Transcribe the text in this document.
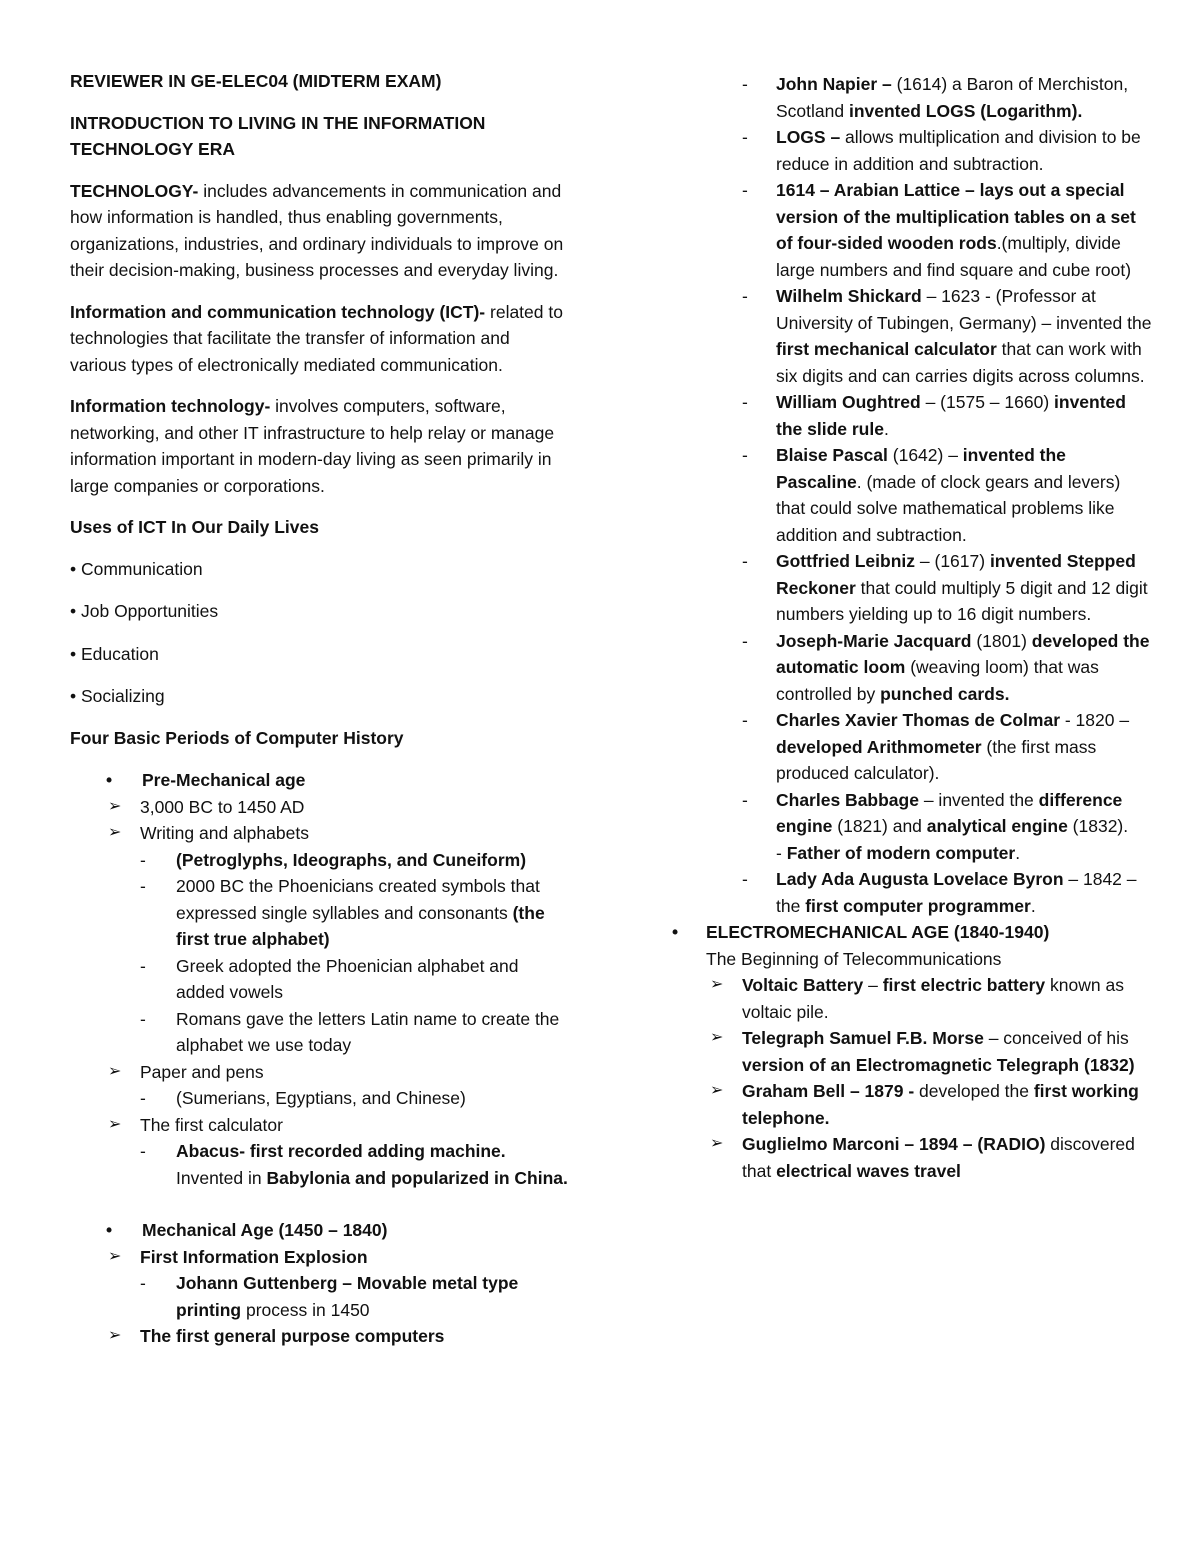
REVIEWER IN GE-ELEC04 (MIDTERM EXAM)
INTRODUCTION TO LIVING IN THE INFORMATION
TECHNOLOGY ERA

TECHNOLOGY- includes advancements in communication and how information is handled, thus enabling governments, organizations, industries, and ordinary individuals to improve on their decision-making, business processes and everyday living.

Information and communication technology (ICT)- related to technologies that facilitate the transfer of information and various types of electronically mediated communication.

Information technology- involves computers, software, networking, and other IT infrastructure to help relay or manage information important in modern-day living as seen primarily in large companies or corporations.

Uses of ICT In Our Daily Lives
• Communication
• Job Opportunities
• Education
• Socializing
Four Basic Periods of Computer History
• Pre-Mechanical age
➢ 3,000 BC to 1450 AD
➢ Writing and alphabets
- (Petroglyphs, Ideographs, and Cuneiform)
- 2000 BC the Phoenicians created symbols that expressed single syllables and consonants (the first true alphabet)
- Greek adopted the Phoenician alphabet and added vowels
- Romans gave the letters Latin name to create the alphabet we use today
➢ Paper and pens
- (Sumerians, Egyptians, and Chinese)
➢ The first calculator
- Abacus- first recorded adding machine. Invented in Babylonia and popularized in China.
• Mechanical Age (1450 – 1840)
➢ First Information Explosion
- Johann Guttenberg – Movable metal type printing process in 1450
➢ The first general purpose computers
- John Napier – (1614) a Baron of Merchiston, Scotland invented LOGS (Logarithm).
- LOGS – allows multiplication and division to be reduce in addition and subtraction.
- 1614 – Arabian Lattice – lays out a special version of the multiplication tables on a set of four-sided wooden rods.(multiply, divide large numbers and find square and cube root)
- Wilhelm Shickard – 1623 - (Professor at University of Tubingen, Germany) – invented the first mechanical calculator that can work with six digits and can carries digits across columns.
- William Oughtred – (1575 – 1660) invented the slide rule.
- Blaise Pascal (1642) – invented the Pascaline. (made of clock gears and levers) that could solve mathematical problems like addition and subtraction.
- Gottfried Leibniz – (1617) invented Stepped Reckoner that could multiply 5 digit and 12 digit numbers yielding up to 16 digit numbers.
- Joseph-Marie Jacquard (1801) developed the automatic loom (weaving loom) that was controlled by punched cards.
- Charles Xavier Thomas de Colmar - 1820 – developed Arithmometer (the first mass produced calculator).
- Charles Babbage – invented the difference engine (1821) and analytical engine (1832).
- Father of modern computer.
- Lady Ada Augusta Lovelace Byron – 1842 – the first computer programmer.
• ELECTROMECHANICAL AGE (1840-1940)
The Beginning of Telecommunications
➢ Voltaic Battery – first electric battery known as voltaic pile.
➢ Telegraph Samuel F.B. Morse – conceived of his version of an Electromagnetic Telegraph (1832)
➢ Graham Bell – 1879 - developed the first working telephone.
➢ Guglielmo Marconi – 1894 – (RADIO) discovered that electrical waves travel
